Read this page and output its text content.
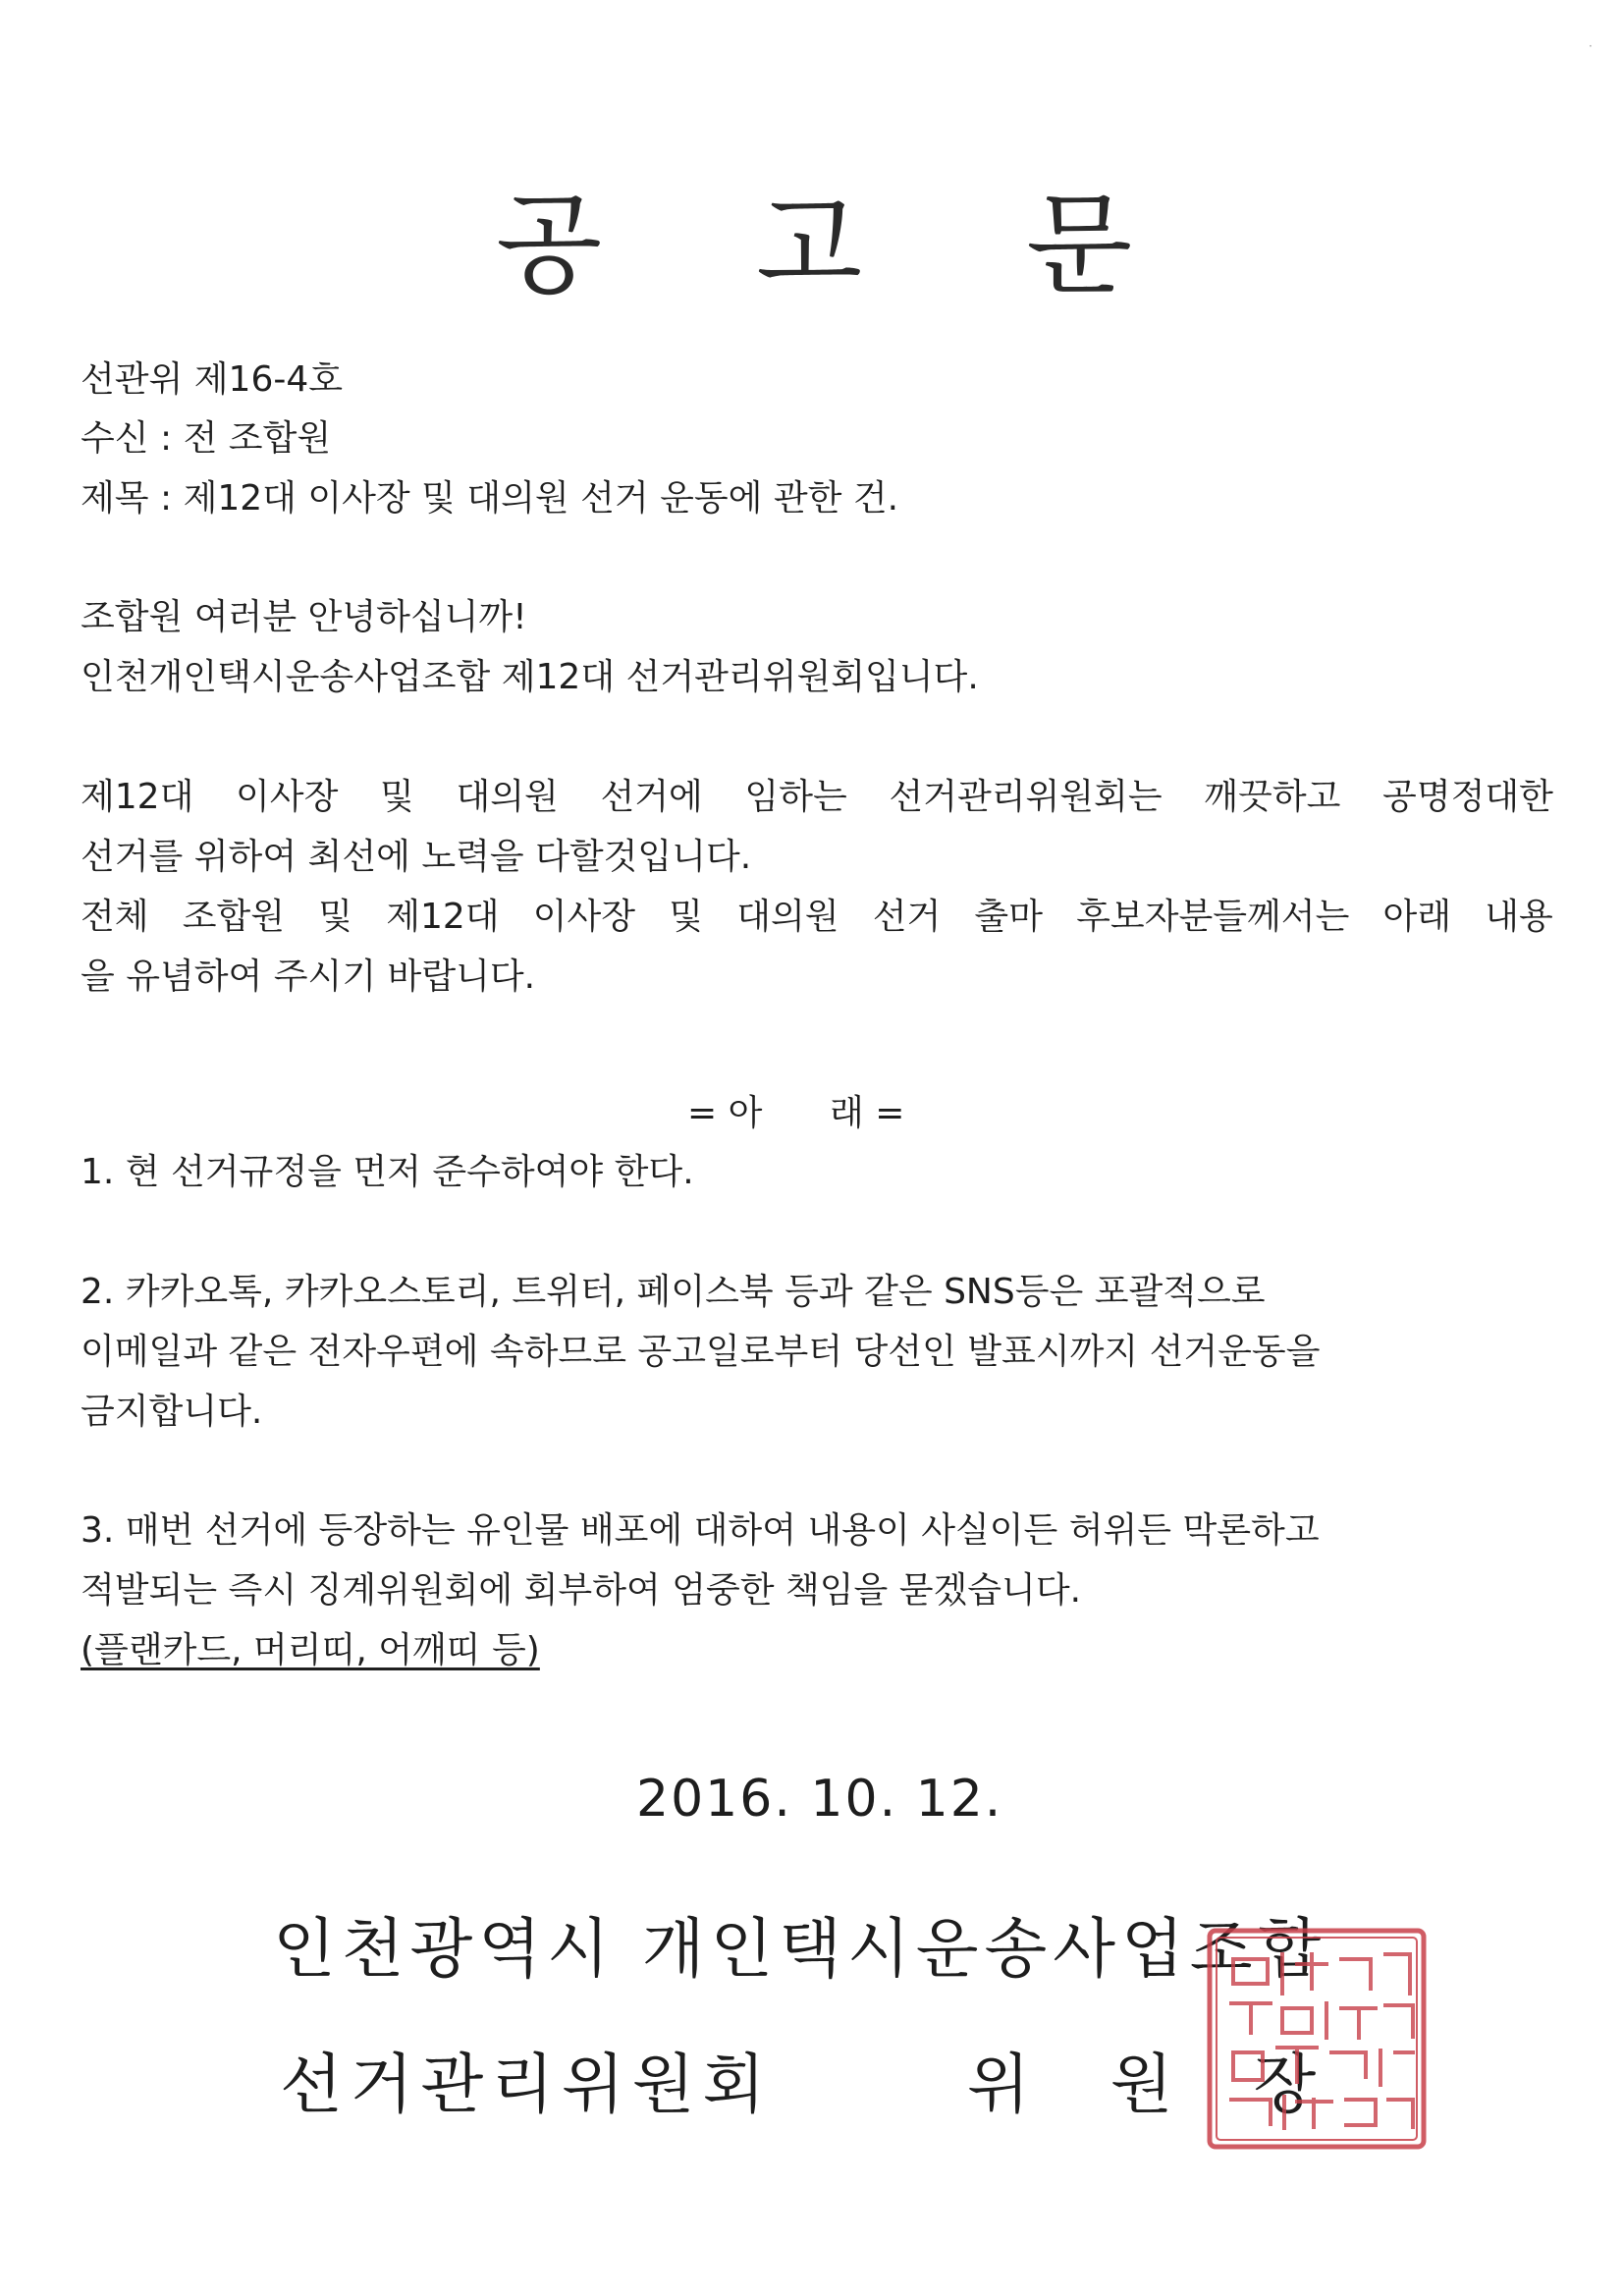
·
공 고 문
선관위 제16-4호
수신 : 전 조합원
제목 : 제12대 이사장 및 대의원 선거 운동에 관한 건.
조합원 여러분 안녕하십니까!
인천개인택시운송사업조합 제12대 선거관리위원회입니다.
제12대 이사장 및 대의원 선거에 임하는 선거관리위원회는 깨끗하고 공명정대한
선거를 위하여 최선에 노력을 다할것입니다.
전체 조합원 및 제12대 이사장 및 대의원 선거 출마 후보자분들께서는 아래 내용
을 유념하여 주시기 바랍니다.
= 아      래 =
1. 현 선거규정을 먼저 준수하여야 한다.
2. 카카오톡, 카카오스토리, 트위터, 페이스북 등과 같은 SNS등은 포괄적으로
이메일과 같은 전자우편에 속하므로 공고일로부터 당선인 발표시까지 선거운동을
금지합니다.
3. 매번 선거에 등장하는 유인물 배포에 대하여 내용이 사실이든 허위든 막론하고
적발되는 즉시 징계위원회에 회부하여 엄중한 책임을 묻겠습니다.
(플랜카드, 머리띠, 어깨띠 등)
2016. 10. 12.
인천광역시 개인택시운송사업조합
선거관리위원회	위원장
